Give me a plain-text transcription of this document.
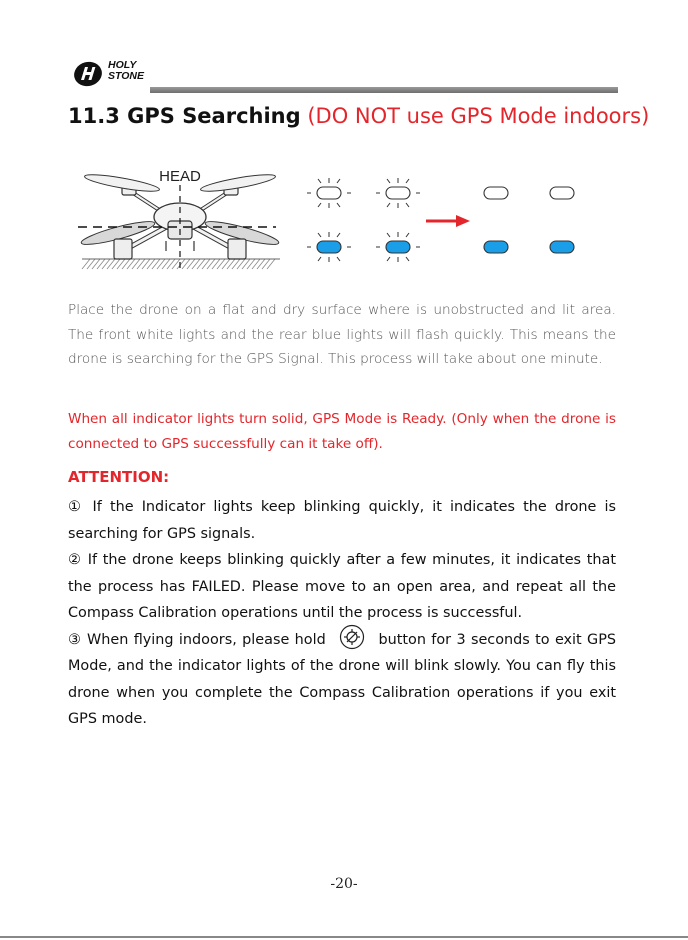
HOLY
STONE
11.3 GPS Searching (DO NOT use GPS Mode indoors)
HEAD
Place the drone on a flat and dry surface where is unobstructed and lit area. The front white lights and the rear blue lights will flash quickly. This means the drone is searching for the GPS Signal. This process will take about one minute.
When all indicator lights turn solid, GPS Mode is Ready. (Only when the drone is connected to GPS successfully can it take off).
ATTENTION:

① If the Indicator lights keep blinking quickly, it indicates the drone is searching for GPS signals.

② If the drone keeps blinking quickly after a few minutes, it indicates that the process has FAILED. Please move to an open area, and repeat all the Compass Calibration operations until the process is successful.

③ When flying indoors, please hold	button for 3 seconds to exit GPS Mode, and the indicator lights of the drone will blink slowly. You can fly this drone when you complete the Compass Calibration operations if you exit GPS mode.

-20-
